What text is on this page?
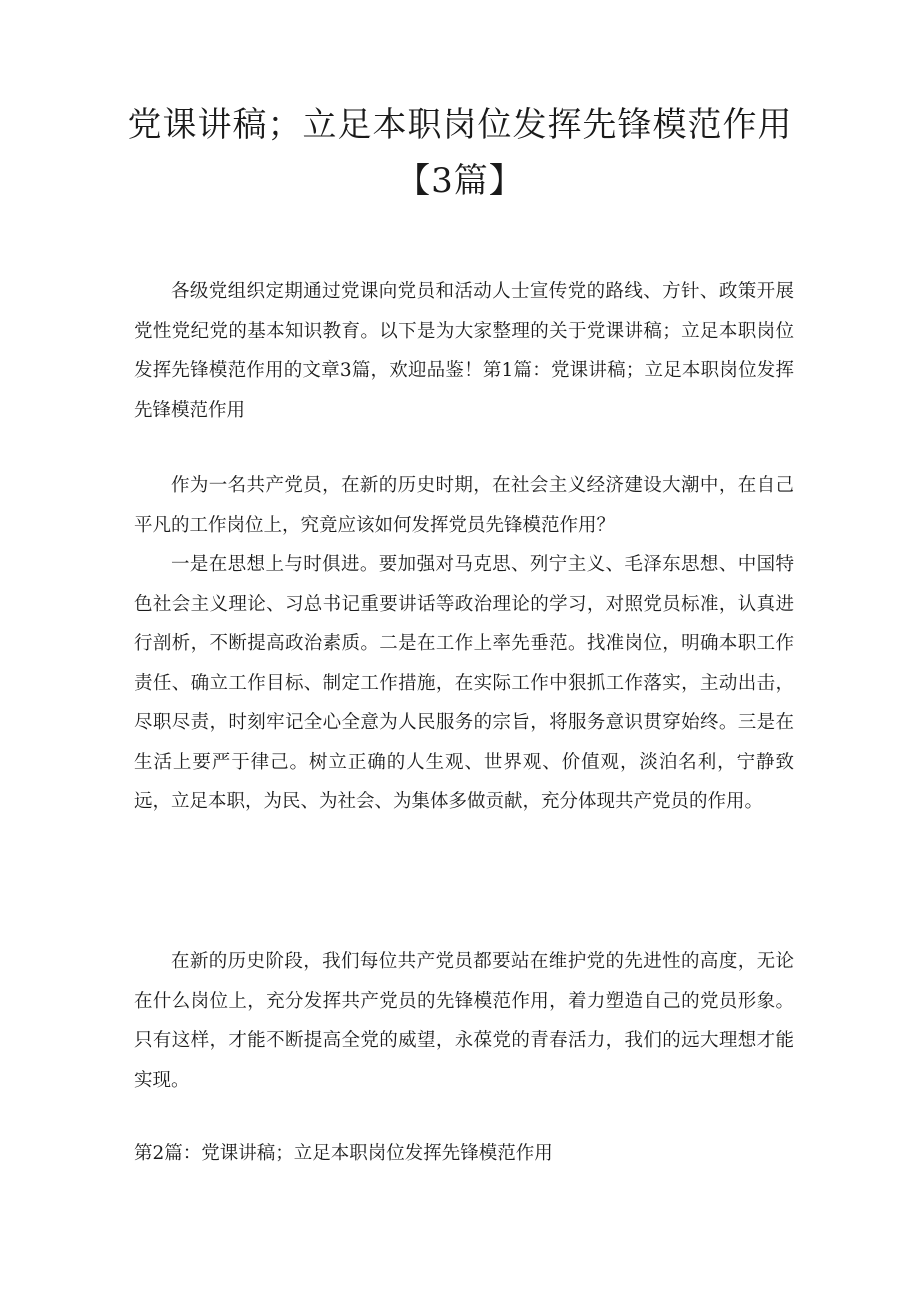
党课讲稿；立足本职岗位发挥先锋模范作用
【3篇】

各级党组织定期通过党课向党员和活动人士宣传党的路线、方针、政策开展党性党纪党的基本知识教育。以下是为大家整理的关于党课讲稿；立足本职岗位发挥先锋模范作用的文章3篇，欢迎品鉴！第1篇：党课讲稿；立足本职岗位发挥先锋模范作用

作为一名共产党员，在新的历史时期，在社会主义经济建设大潮中，在自己平凡的工作岗位上，究竟应该如何发挥党员先锋模范作用？

一是在思想上与时俱进。要加强对马克思、列宁主义、毛泽东思想、中国特色社会主义理论、习总书记重要讲话等政治理论的学习，对照党员标准，认真进行剖析，不断提高政治素质。二是在工作上率先垂范。找准岗位，明确本职工作责任、确立工作目标、制定工作措施，在实际工作中狠抓工作落实，主动出击，尽职尽责，时刻牢记全心全意为人民服务的宗旨，将服务意识贯穿始终。三是在生活上要严于律己。树立正确的人生观、世界观、价值观，淡泊名利，宁静致远，立足本职，为民、为社会、为集体多做贡献，充分体现共产党员的作用。

在新的历史阶段，我们每位共产党员都要站在维护党的先进性的高度，无论在什么岗位上，充分发挥共产党员的先锋模范作用，着力塑造自己的党员形象。只有这样，才能不断提高全党的威望，永葆党的青春活力，我们的远大理想才能实现。

第2篇：党课讲稿；立足本职岗位发挥先锋模范作用
